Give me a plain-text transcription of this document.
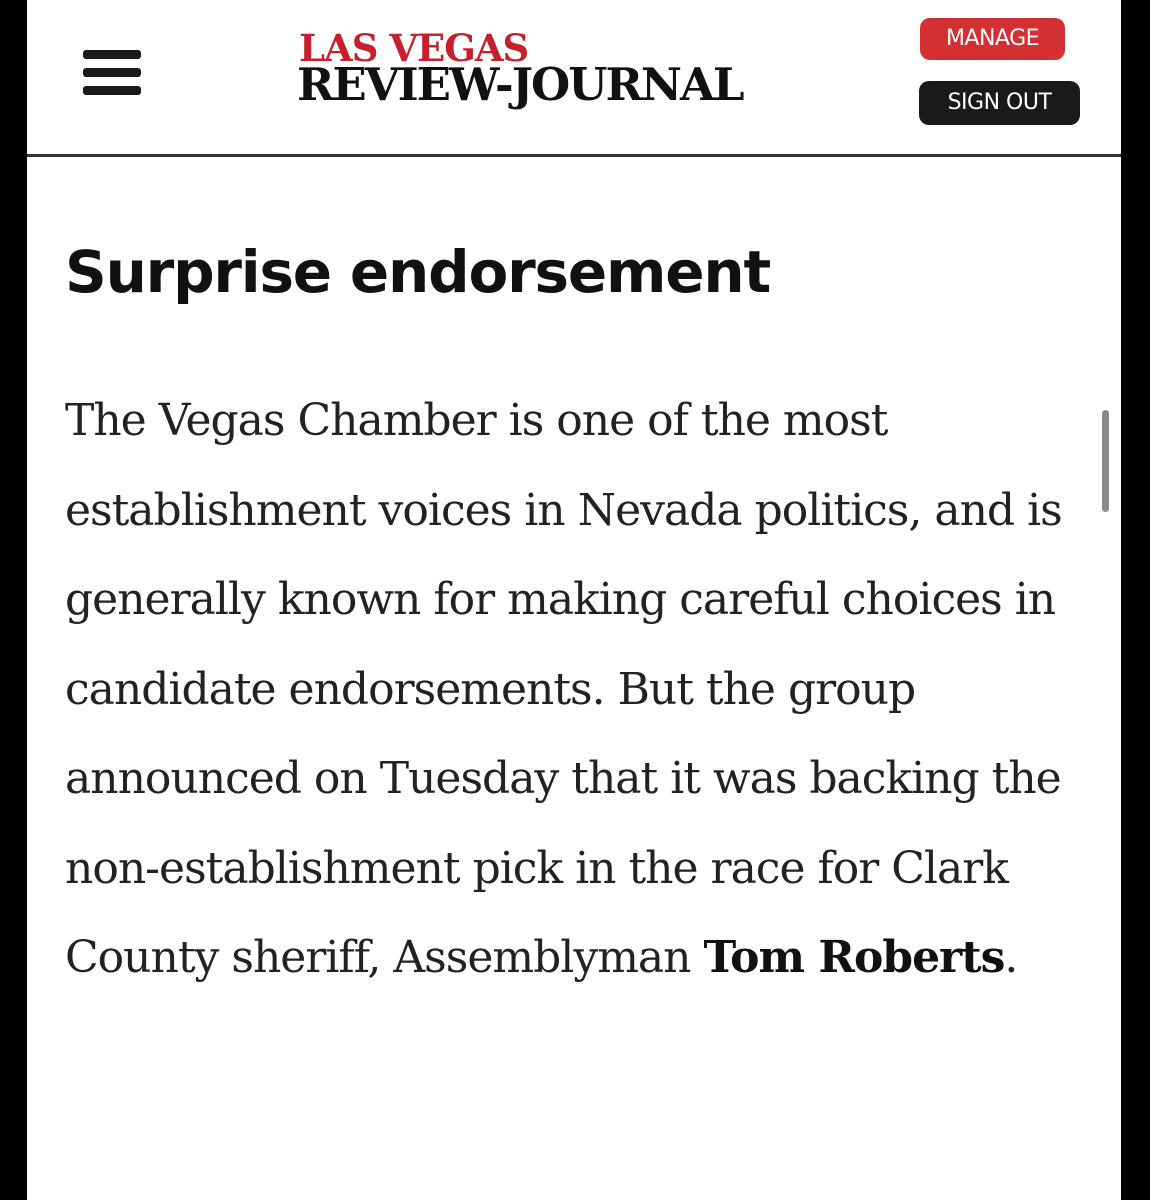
LAS VEGAS
REVIEW-JOURNAL
MANAGE
SIGN OUT
Surprise endorsement

The Vegas Chamber is one of the most establishment voices in Nevada politics, and is generally known for making careful choices in candidate endorsements. But the group announced on Tuesday that it was backing the non-establishment pick in the race for Clark County sheriff, Assemblyman Tom Roberts.
